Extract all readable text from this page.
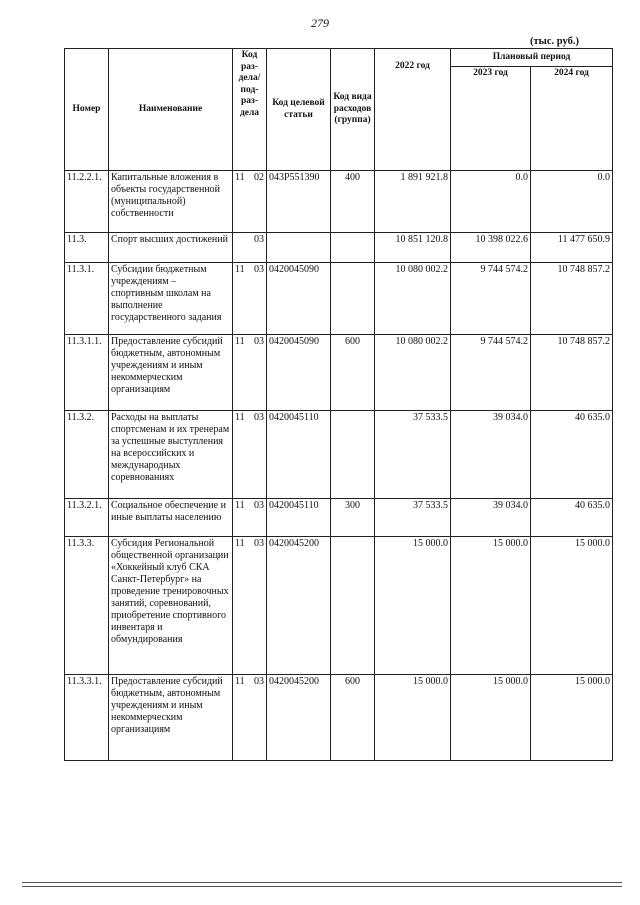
279
(тыс. руб.)
Номер	Наименование	Код раз-дела/ под-раз-дела	Код целевой статьи	Код вида расходов (группа)	2022 год	Плановый период	
						2023 год	2024 год
11.2.2.1.	Капитальные вложения в объекты государственной (муниципальной) собственности	11 02	043P551390	400	1 891 921.8	0.0	0.0
11.3.	Спорт высших достижений	03			10 851 120.8	10 398 022.6	11 477 650.9
11.3.1.	Субсидии бюджетным учреждениям – спортивным школам на выполнение государственного задания	11 03	0420045090		10 080 002.2	9 744 574.2	10 748 857.2
11.3.1.1.	Предоставление субсидий бюджетным, автономным учреждениям и иным некоммерческим организациям	11 03	0420045090	600	10 080 002.2	9 744 574.2	10 748 857.2
11.3.2.	Расходы на выплаты спортсменам и их тренерам за успешные выступления на всероссийских и международных соревнованиях	11 03	0420045110		37 533.5	39 034.0	40 635.0
11.3.2.1.	Социальное обеспечение и иные выплаты населению	11 03	0420045110	300	37 533.5	39 034.0	40 635.0
11.3.3.	Субсидия Региональной общественной организации «Хоккейный клуб СКА Санкт-Петербург» на проведение тренировочных занятий, соревнований, приобретение спортивного инвентаря и обмундирования	11 03	0420045200		15 000.0	15 000.0	15 000.0
11.3.3.1.	Предоставление субсидий бюджетным, автономным учреждениям и иным некоммерческим организациям	11 03	0420045200	600	15 000.0	15 000.0	15 000.0
